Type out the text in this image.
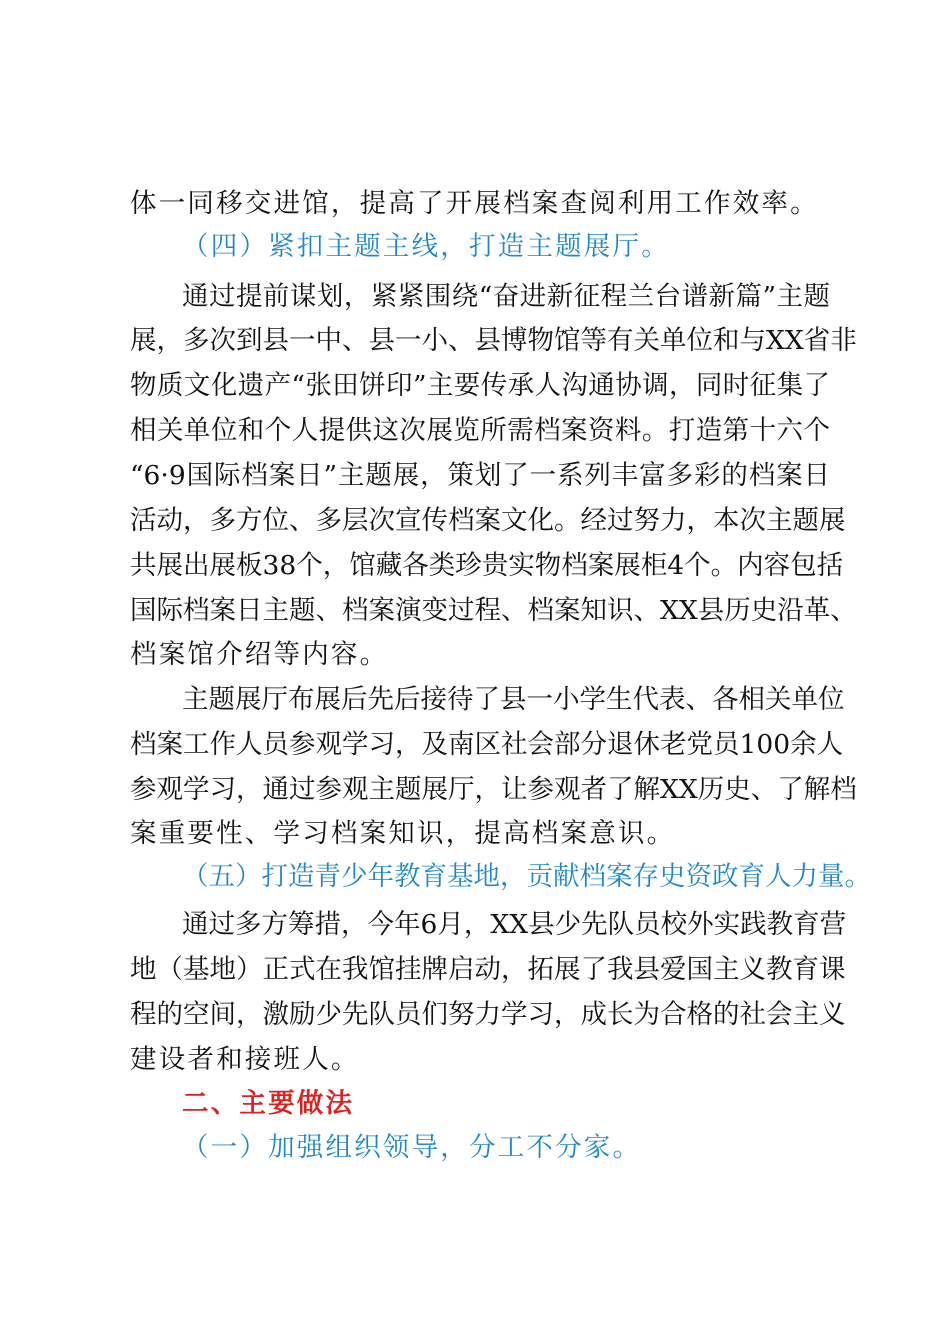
体一同移交进馆，提高了开展档案查阅利用工作效率。
（四）紧扣主题主线，打造主题展厅。
通过提前谋划，紧紧围绕“奋进新征程兰台谱新篇”主题
展，多次到县一中、县一小、县博物馆等有关单位和与XX省非
物质文化遗产“张田饼印”主要传承人沟通协调，同时征集了
相关单位和个人提供这次展览所需档案资料。打造第十六个
“6·9国际档案日”主题展，策划了一系列丰富多彩的档案日
活动，多方位、多层次宣传档案文化。经过努力，本次主题展
共展出展板38个，馆藏各类珍贵实物档案展柜4个。内容包括
国际档案日主题、档案演变过程、档案知识、XX县历史沿革、
档案馆介绍等内容。
主题展厅布展后先后接待了县一小学生代表、各相关单位
档案工作人员参观学习，及南区社会部分退休老党员100余人
参观学习，通过参观主题展厅，让参观者了解XX历史、了解档
案重要性、学习档案知识，提高档案意识。
（五）打造青少年教育基地，贡献档案存史资政育人力量。
通过多方筹措，今年6月，XX县少先队员校外实践教育营
地（基地）正式在我馆挂牌启动，拓展了我县爱国主义教育课
程的空间，激励少先队员们努力学习，成长为合格的社会主义
建设者和接班人。
二、主要做法
（一）加强组织领导，分工不分家。
